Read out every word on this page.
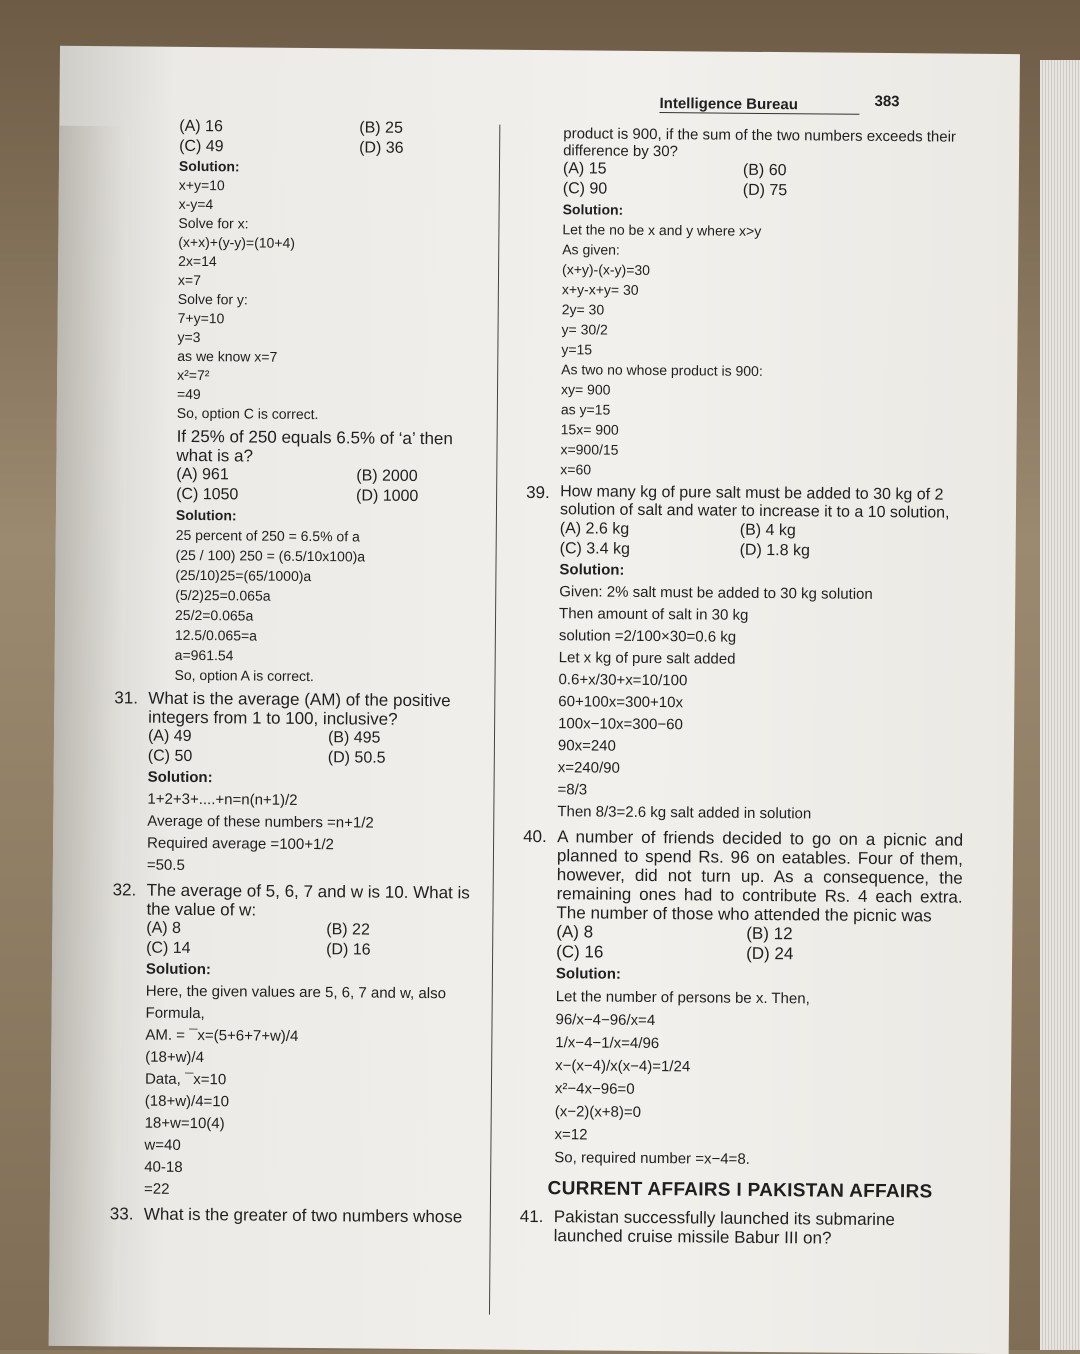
Intelligence Bureau	383
(A) 16	(B) 25
(C) 49	(D) 36
Solution:
x+y=10
x-y=4
Solve for x:
(x+x)+(y-y)=(10+4)
2x=14
x=7
Solve for y:
7+y=10
y=3
as we know x=7
x²=7²
=49
So, option C is correct.
If 25% of 250 equals 6.5% of ‘a’ then what is a?
(A) 961	(B) 2000
(C) 1050	(D) 1000
Solution:
25 percent of 250 = 6.5% of a
(25 / 100) 250 = (6.5/10x100)a
(25/10)25=(65/1000)a
(5/2)25=0.065a
25/2=0.065a
12.5/0.065=a
a=961.54
So, option A is correct.
31. What is the average (AM) of the positive integers from 1 to 100, inclusive?
(A) 49	(B) 495
(C) 50	(D) 50.5
Solution:
1+2+3+....+n=n(n+1)/2
Average of these numbers =n+1/2
Required average =100+1/2
=50.5
32. The average of 5, 6, 7 and w is 10. What is the value of w:
(A) 8	(B) 22
(C) 14	(D) 16
Solution:
Here, the given values are 5, 6, 7 and w, also
Formula,
AM. = ¯x=(5+6+7+w)/4
(18+w)/4
Data, ¯x=10
(18+w)/4=10
18+w=10(4)
w=40
40-18
=22
33. What is the greater of two numbers whose
product is 900, if the sum of the two numbers exceeds their difference by 30?
(A) 15	(B) 60
(C) 90	(D) 75
Solution:
Let the no be x and y where x>y
As given:
(x+y)-(x-y)=30
x+y-x+y= 30
2y= 30
y= 30/2
y=15
As two no whose product is 900:
xy= 900
as y=15
15x= 900
x=900/15
x=60
39. How many kg of pure salt must be added to 30 kg of 2 solution of salt and water to increase it to a 10 solution,
(A) 2.6 kg	(B) 4 kg
(C) 3.4 kg	(D) 1.8 kg
Solution:
Given: 2% salt must be added to 30 kg solution
Then amount of salt in 30 kg
solution =2/100×30=0.6 kg
Let x kg of pure salt added
0.6+x/30+x=10/100
60+100x=300+10x
100x−10x=300−60
90x=240
x=240/90
=8/3
Then 8/3=2.6 kg salt added in solution
40. A number of friends decided to go on a picnic and planned to spend Rs. 96 on eatables. Four of them, however, did not turn up. As a consequence, the remaining ones had to contribute Rs. 4 each extra. The number of those who attended the picnic was
(A) 8	(B) 12
(C) 16	(D) 24
Solution:
Let the number of persons be x. Then,
96/x−4−96/x=4
1/x−4−1/x=4/96
x−(x−4)/x(x−4)=1/24
x²−4x−96=0
(x−2)(x+8)=0
x=12
So, required number =x−4=8.
CURRENT AFFAIRS I PAKISTAN AFFAIRS
41. Pakistan successfully launched its submarine launched cruise missile Babur III on?
